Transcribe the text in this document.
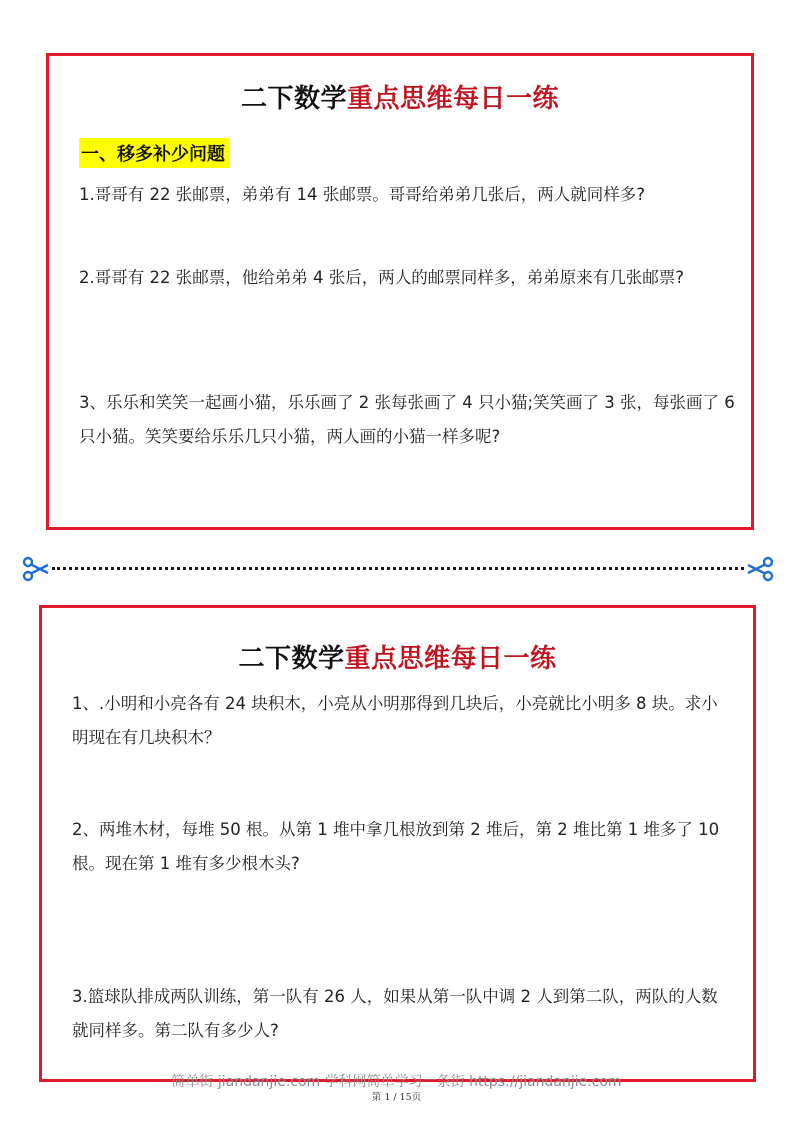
二下数学重点思维每日一练
一、移多补少问题
1.哥哥有 22 张邮票，弟弟有 14 张邮票。哥哥给弟弟几张后，两人就同样多?
2.哥哥有 22 张邮票，他给弟弟 4 张后，两人的邮票同样多，弟弟原来有几张邮票?
3、乐乐和笑笑一起画小猫，乐乐画了 2 张每张画了 4 只小猫;笑笑画了 3 张，每张画了 6 只小猫。笑笑要给乐乐几只小猫，两人画的小猫一样多呢?
二下数学重点思维每日一练
1、.小明和小亮各有 24 块积木，小亮从小明那得到几块后，小亮就比小明多 8 块。求小明现在有几块积木？
2、两堆木材，每堆 50 根。从第 1 堆中拿几根放到第 2 堆后，第 2 堆比第 1 堆多了 10 根。现在第 1 堆有多少根木头?
3.篮球队排成两队训练，第一队有 26 人，如果从第一队中调 2 人到第二队，两队的人数就同样多。第二队有多少人?
简单街 jiandanjie.com 学科网简单学习一条街 https://jiandanjie.com
第 1 / 15页
